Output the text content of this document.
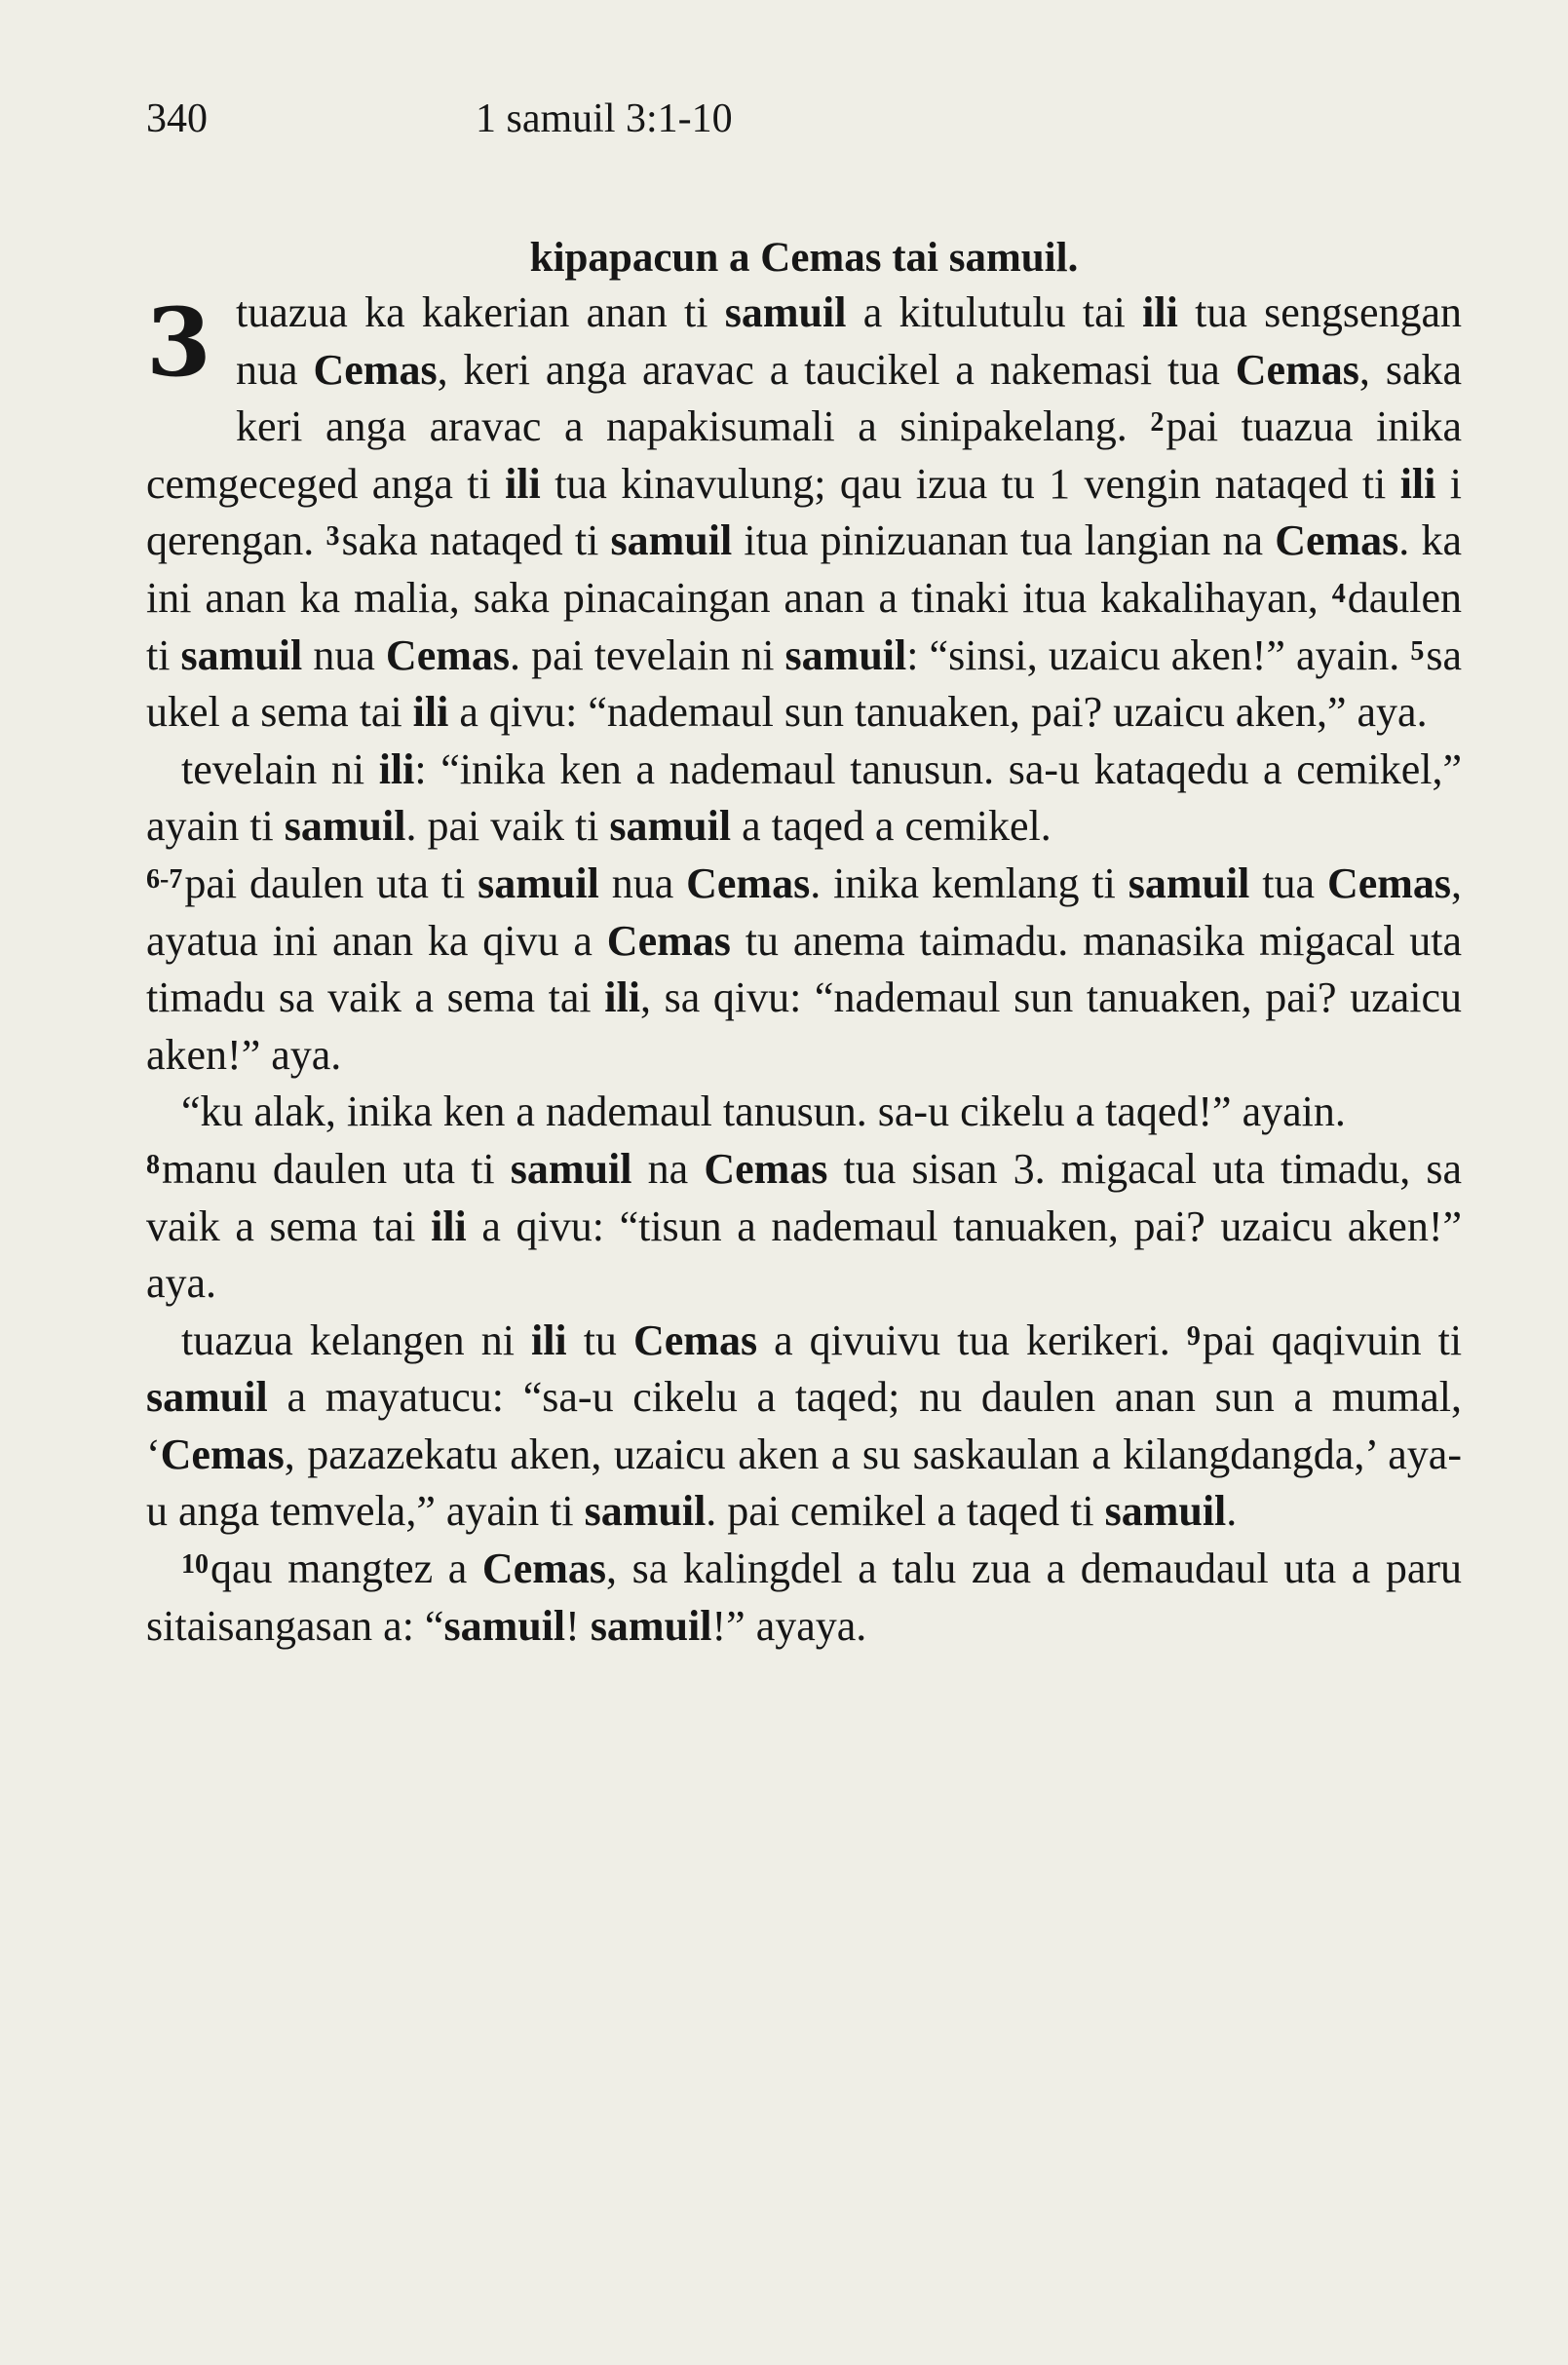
340	1 samuil 3:1-10
kipapacun a Cemas tai samuil.

3 tuazua ka kakerian anan ti samuil a kitulutulu tai ili tua sengsengan nua Cemas, keri anga aravac a taucikel a nakemasi tua Cemas, saka keri anga aravac a napakisumali a sinipakelang. $^2$pai tuazua inika cemgeceged anga ti ili tua kinavulung; qau izua tu 1 vengin nataqed ti ili i qerengan. $^3$saka nataqed ti samuil itua pinizuanan tua langian na Cemas. ka ini anan ka malia, saka pinacaingan anan a tinaki itua kakalihayan, $^4$daulen ti samuil nua Cemas. pai tevelain ni samuil: “sinsi, uzaicu aken!” ayain. $^5$sa ukel a sema tai ili a qivu: “nademaul sun tanuaken, pai? uzaicu aken,” aya.

tevelain ni ili: “inika ken a nademaul tanusun. sa-u kataqedu a cemikel,” ayain ti samuil. pai vaik ti samuil a taqed a cemikel.

$^{6-7}$pai daulen uta ti samuil nua Cemas. inika kemlang ti samuil tua Cemas, ayatua ini anan ka qivu a Cemas tu anema taimadu. manasika migacal uta timadu sa vaik a sema tai ili, sa qivu: “nademaul sun tanuaken, pai? uzaicu aken!” aya.

“ku alak, inika ken a nademaul tanusun. sa-u cikelu a taqed!” ayain.

$^8$manu daulen uta ti samuil na Cemas tua sisan 3. migacal uta timadu, sa vaik a sema tai ili a qivu: “tisun a nademaul tanuaken, pai? uzaicu aken!” aya.

tuazua kelangen ni ili tu Cemas a qivuivu tua kerikeri. $^9$pai qaqivuin ti samuil a mayatucu: “sa-u cikelu a taqed; nu daulen anan sun a mumal, ‘Cemas, pazazekatu aken, uzaicu aken a su saskaulan a kilangdangda,’ aya-u anga temvela,” ayain ti samuil. pai cemikel a taqed ti samuil.

$^{10}$qau mangtez a Cemas, sa kalingdel a talu zua a demaudaul uta a paru sitaisangasan a: “samuil! samuil!” ayaya.
